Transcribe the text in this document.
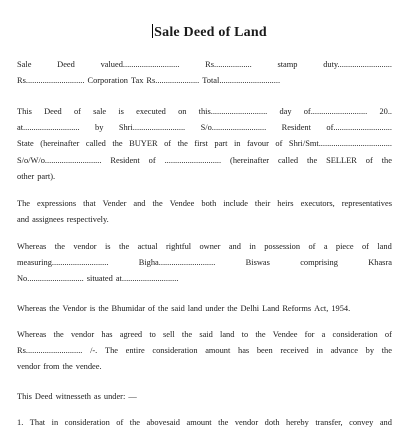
Sale Deed of Land
Sale	Deed	valued...........................	Rs..................	stamp	duty..........................
Rs............................ Corporation Tax Rs..................... Total.............................
This Deed of sale is executed on this........................... day of........................... 20..
at........................... by Shri......................... S/o.......................... Resident of............................
State (hereinafter called the BUYER of the first part in favour of Shri/Smt...................................
S/o/W/o........................... Resident of ........................... (hereinafter called the SELLER of the
other part).
The expressions that Vender and the Vendee both include their heirs executors, representatives
and assignees respectively.
Whereas the vendor is the actual rightful owner and in possession of a piece of land
measuring...........................	Bigha...........................	Biswas	comprising	Khasra
No........................... situated at...........................
Whereas the Vendor is the Bhumidar of the said land under the Delhi Land Reforms Act, 1954.
Whereas the vendor has agreed to sell the said land to the Vendee for a consideration of
Rs........................... /-. The entire consideration amount has been received in advance by the
vendor from the vendee.
This Deed witnesseth as under: —
1. That in consideration of the abovesaid amount the vendor doth hereby transfer, convey and
